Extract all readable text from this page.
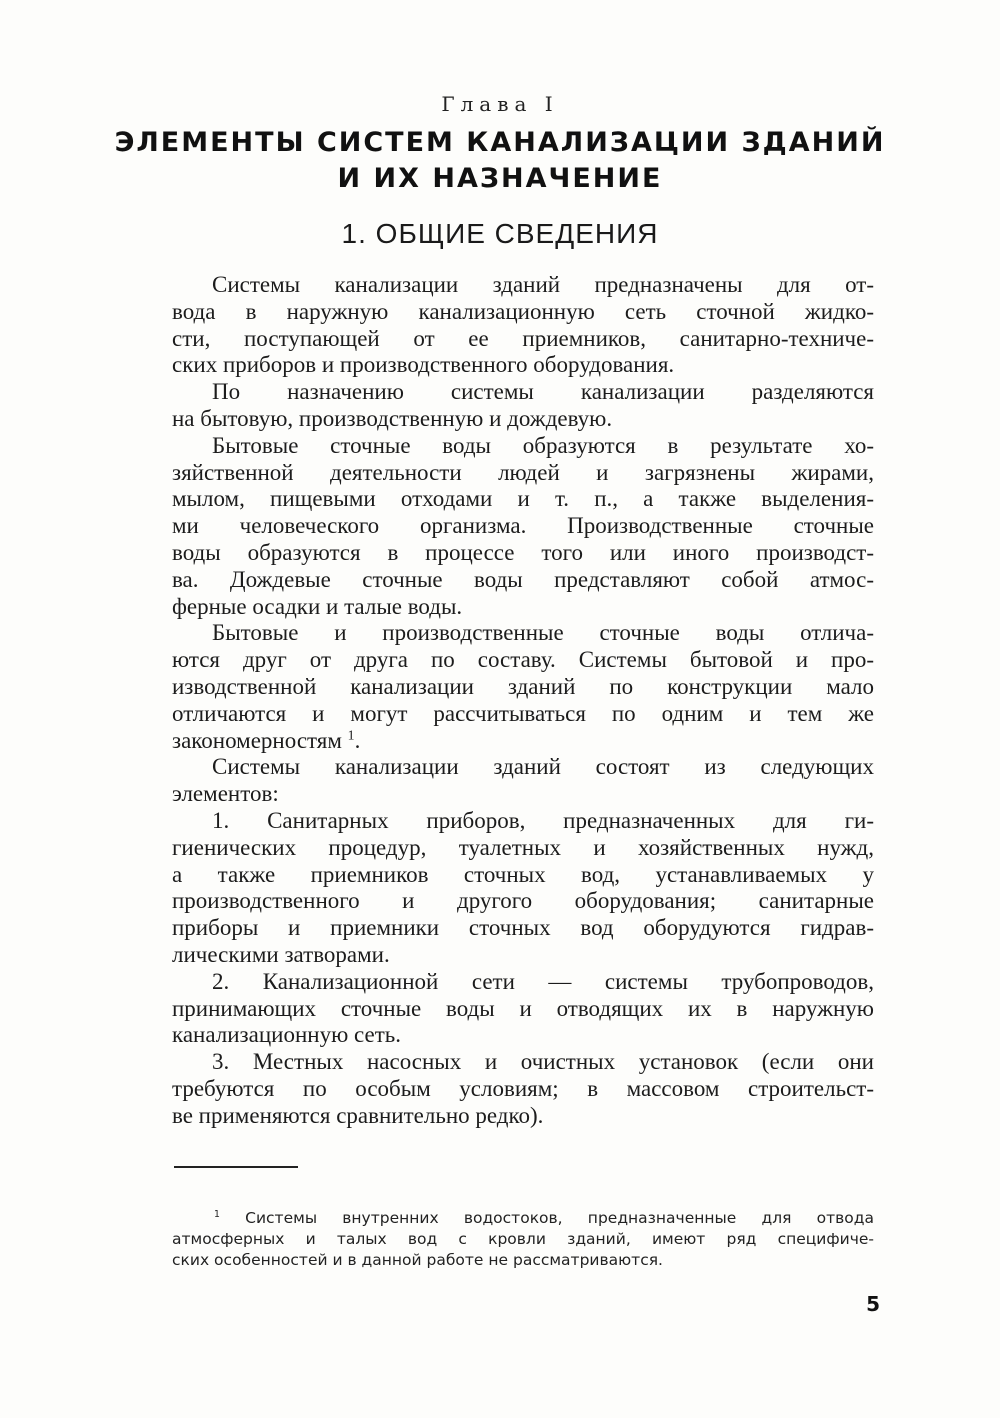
Глава I
ЭЛЕМЕНТЫ СИСТЕМ КАНАЛИЗАЦИИ ЗДАНИЙ
И ИХ НАЗНАЧЕНИЕ
1. ОБЩИЕ СВЕДЕНИЯ
Системы канализации зданий предназначены для от-
вода в наружную канализационную сеть сточной жидко-
сти, поступающей от ее приемников, санитарно-техниче-
ских приборов и производственного оборудования.
По назначению системы канализации разделяются
на бытовую, производственную и дождевую.
Бытовые сточные воды образуются в результате хо-
зяйственной деятельности людей и загрязнены жирами,
мылом, пищевыми отходами и т. п., а также выделения-
ми человеческого организма. Производственные сточные
воды образуются в процессе того или иного производст-
ва. Дождевые сточные воды представляют собой атмос-
ферные осадки и талые воды.
Бытовые и производственные сточные воды отлича-
ются друг от друга по составу. Системы бытовой и про-
изводственной канализации зданий по конструкции мало
отличаются и могут рассчитываться по одним и тем же
закономерностям $^1$.
Системы канализации зданий состоят из следующих
элементов:
1. Санитарных приборов, предназначенных для ги-
гиенических процедур, туалетных и хозяйственных нужд,
а также приемников сточных вод, устанавливаемых у
производственного и другого оборудования; санитарные
приборы и приемники сточных вод оборудуются гидрав-
лическими затворами.
2. Канализационной сети — системы трубопроводов,
принимающих сточные воды и отводящих их в наружную
канализационную сеть.
3. Местных насосных и очистных установок (если они
требуются по особым условиям; в массовом строительст-
ве применяются сравнительно редко).
$^1$ Системы внутренних водостоков, предназначенные для отвода
атмосферных и талых вод с кровли зданий, имеют ряд специфиче-
ских особенностей и в данной работе не рассматриваются.
5
